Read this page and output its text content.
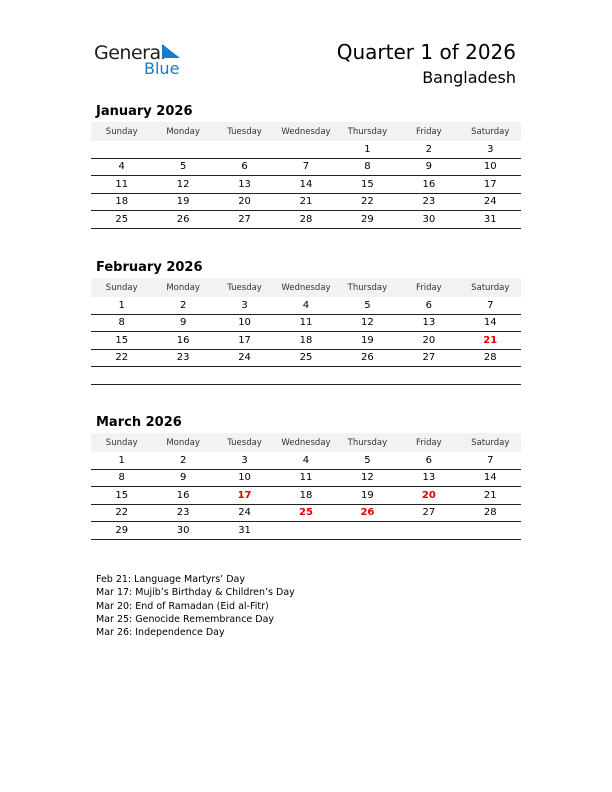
General
Blue
Quarter 1 of 2026
Bangladesh
January 2026
Sunday	Monday	Tuesday	Wednesday	Thursday	Friday	Saturday
				1	2	3
4	5	6	7	8	9	10
11	12	13	14	15	16	17
18	19	20	21	22	23	24
25	26	27	28	29	30	31
February 2026
Sunday	Monday	Tuesday	Wednesday	Thursday	Friday	Saturday
1	2	3	4	5	6	7
8	9	10	11	12	13	14
15	16	17	18	19	20	21
22	23	24	25	26	27	28

March 2026
Sunday	Monday	Tuesday	Wednesday	Thursday	Friday	Saturday
1	2	3	4	5	6	7
8	9	10	11	12	13	14
15	16	17	18	19	20	21
22	23	24	25	26	27	28
29	30	31				
Feb 21: Language Martyrs’ Day
Mar 17: Mujib’s Birthday & Children’s Day
Mar 20: End of Ramadan (Eid al-Fitr)
Mar 25: Genocide Remembrance Day
Mar 26: Independence Day
